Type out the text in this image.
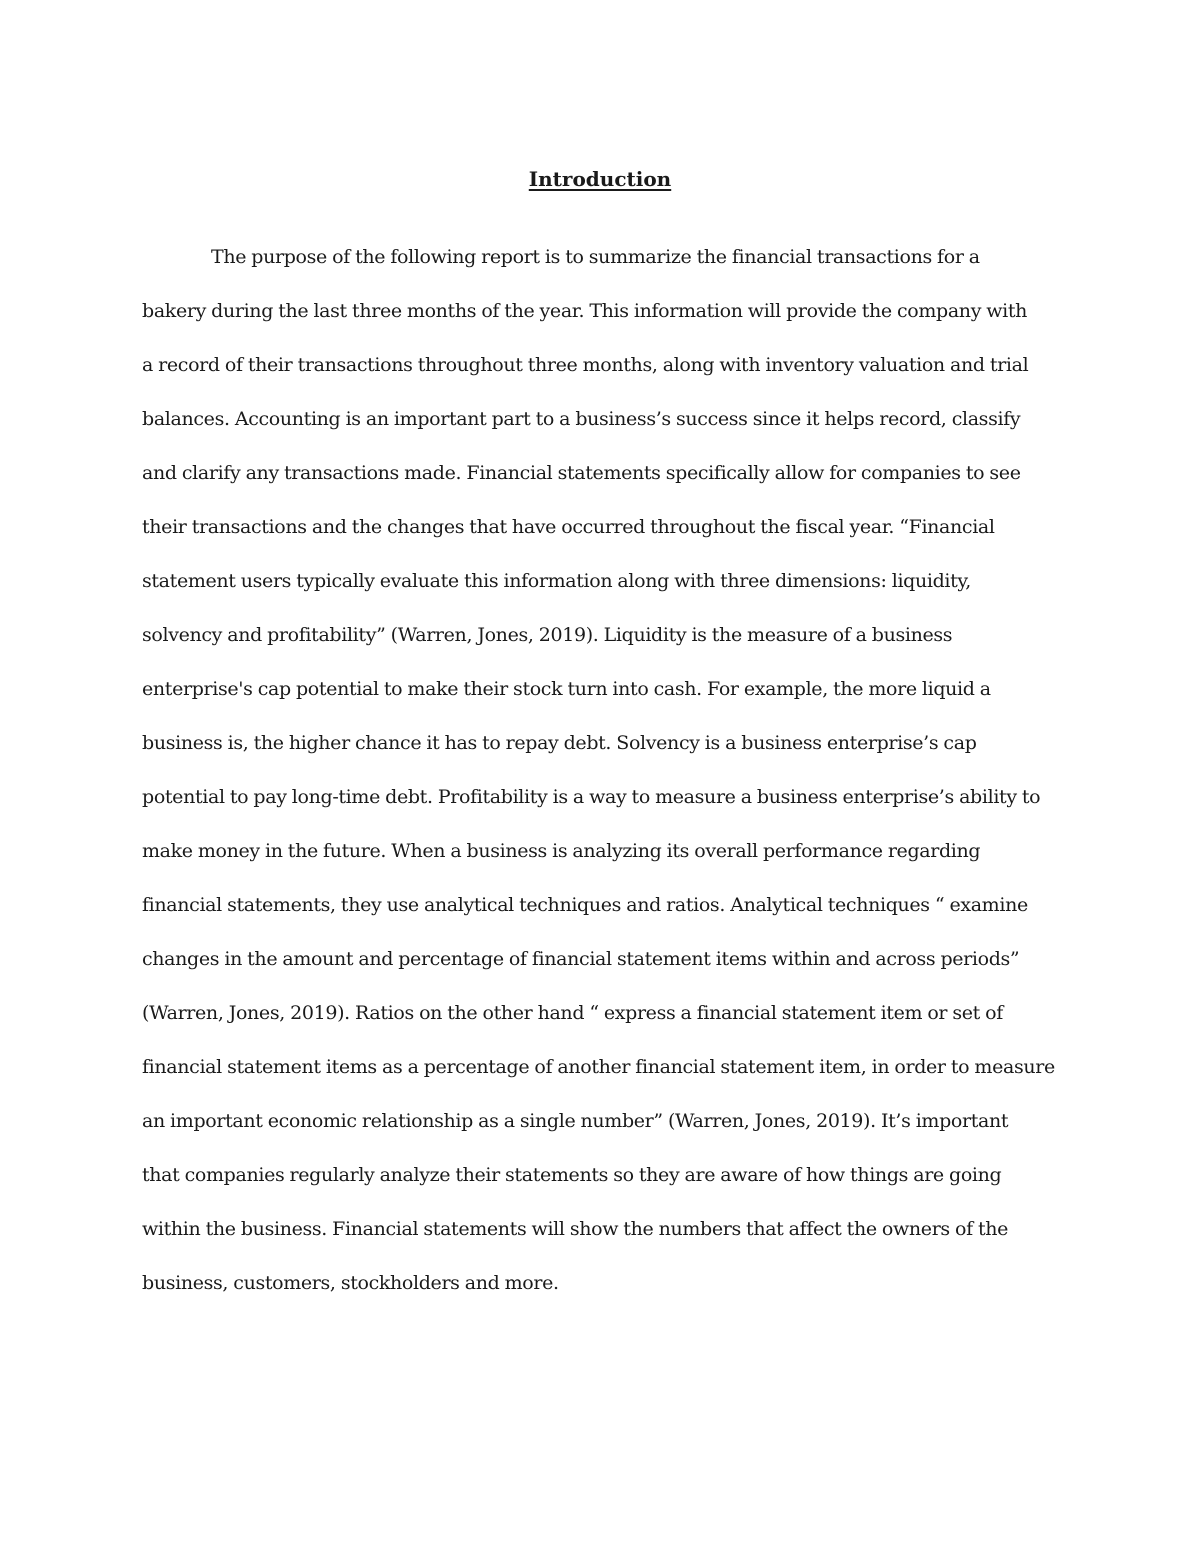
Introduction
The purpose of the following report is to summarize the financial transactions for a
bakery during the last three months of the year. This information will provide the company with
a record of their transactions throughout three months, along with inventory valuation and trial
balances. Accounting is an important part to a business’s success since it helps record, classify
and clarify any transactions made. Financial statements specifically allow for companies to see
their transactions and the changes that have occurred throughout the fiscal year. “Financial
statement users typically evaluate this information along with three dimensions: liquidity,
solvency and profitability” (Warren, Jones, 2019). Liquidity is the measure of a business
enterprise's cap potential to make their stock turn into cash. For example, the more liquid a
business is, the higher chance it has to repay debt. Solvency is a business enterprise’s cap
potential to pay long-time debt. Profitability is a way to measure a business enterprise’s ability to
make money in the future. When a business is analyzing its overall performance regarding
financial statements, they use analytical techniques and ratios. Analytical techniques “ examine
changes in the amount and percentage of financial statement items within and across periods”
(Warren, Jones, 2019). Ratios on the other hand “ express a financial statement item or set of
financial statement items as a percentage of another financial statement item, in order to measure
an important economic relationship as a single number” (Warren, Jones, 2019). It’s important
that companies regularly analyze their statements so they are aware of how things are going
within the business. Financial statements will show the numbers that affect the owners of the
business, customers, stockholders and more.
